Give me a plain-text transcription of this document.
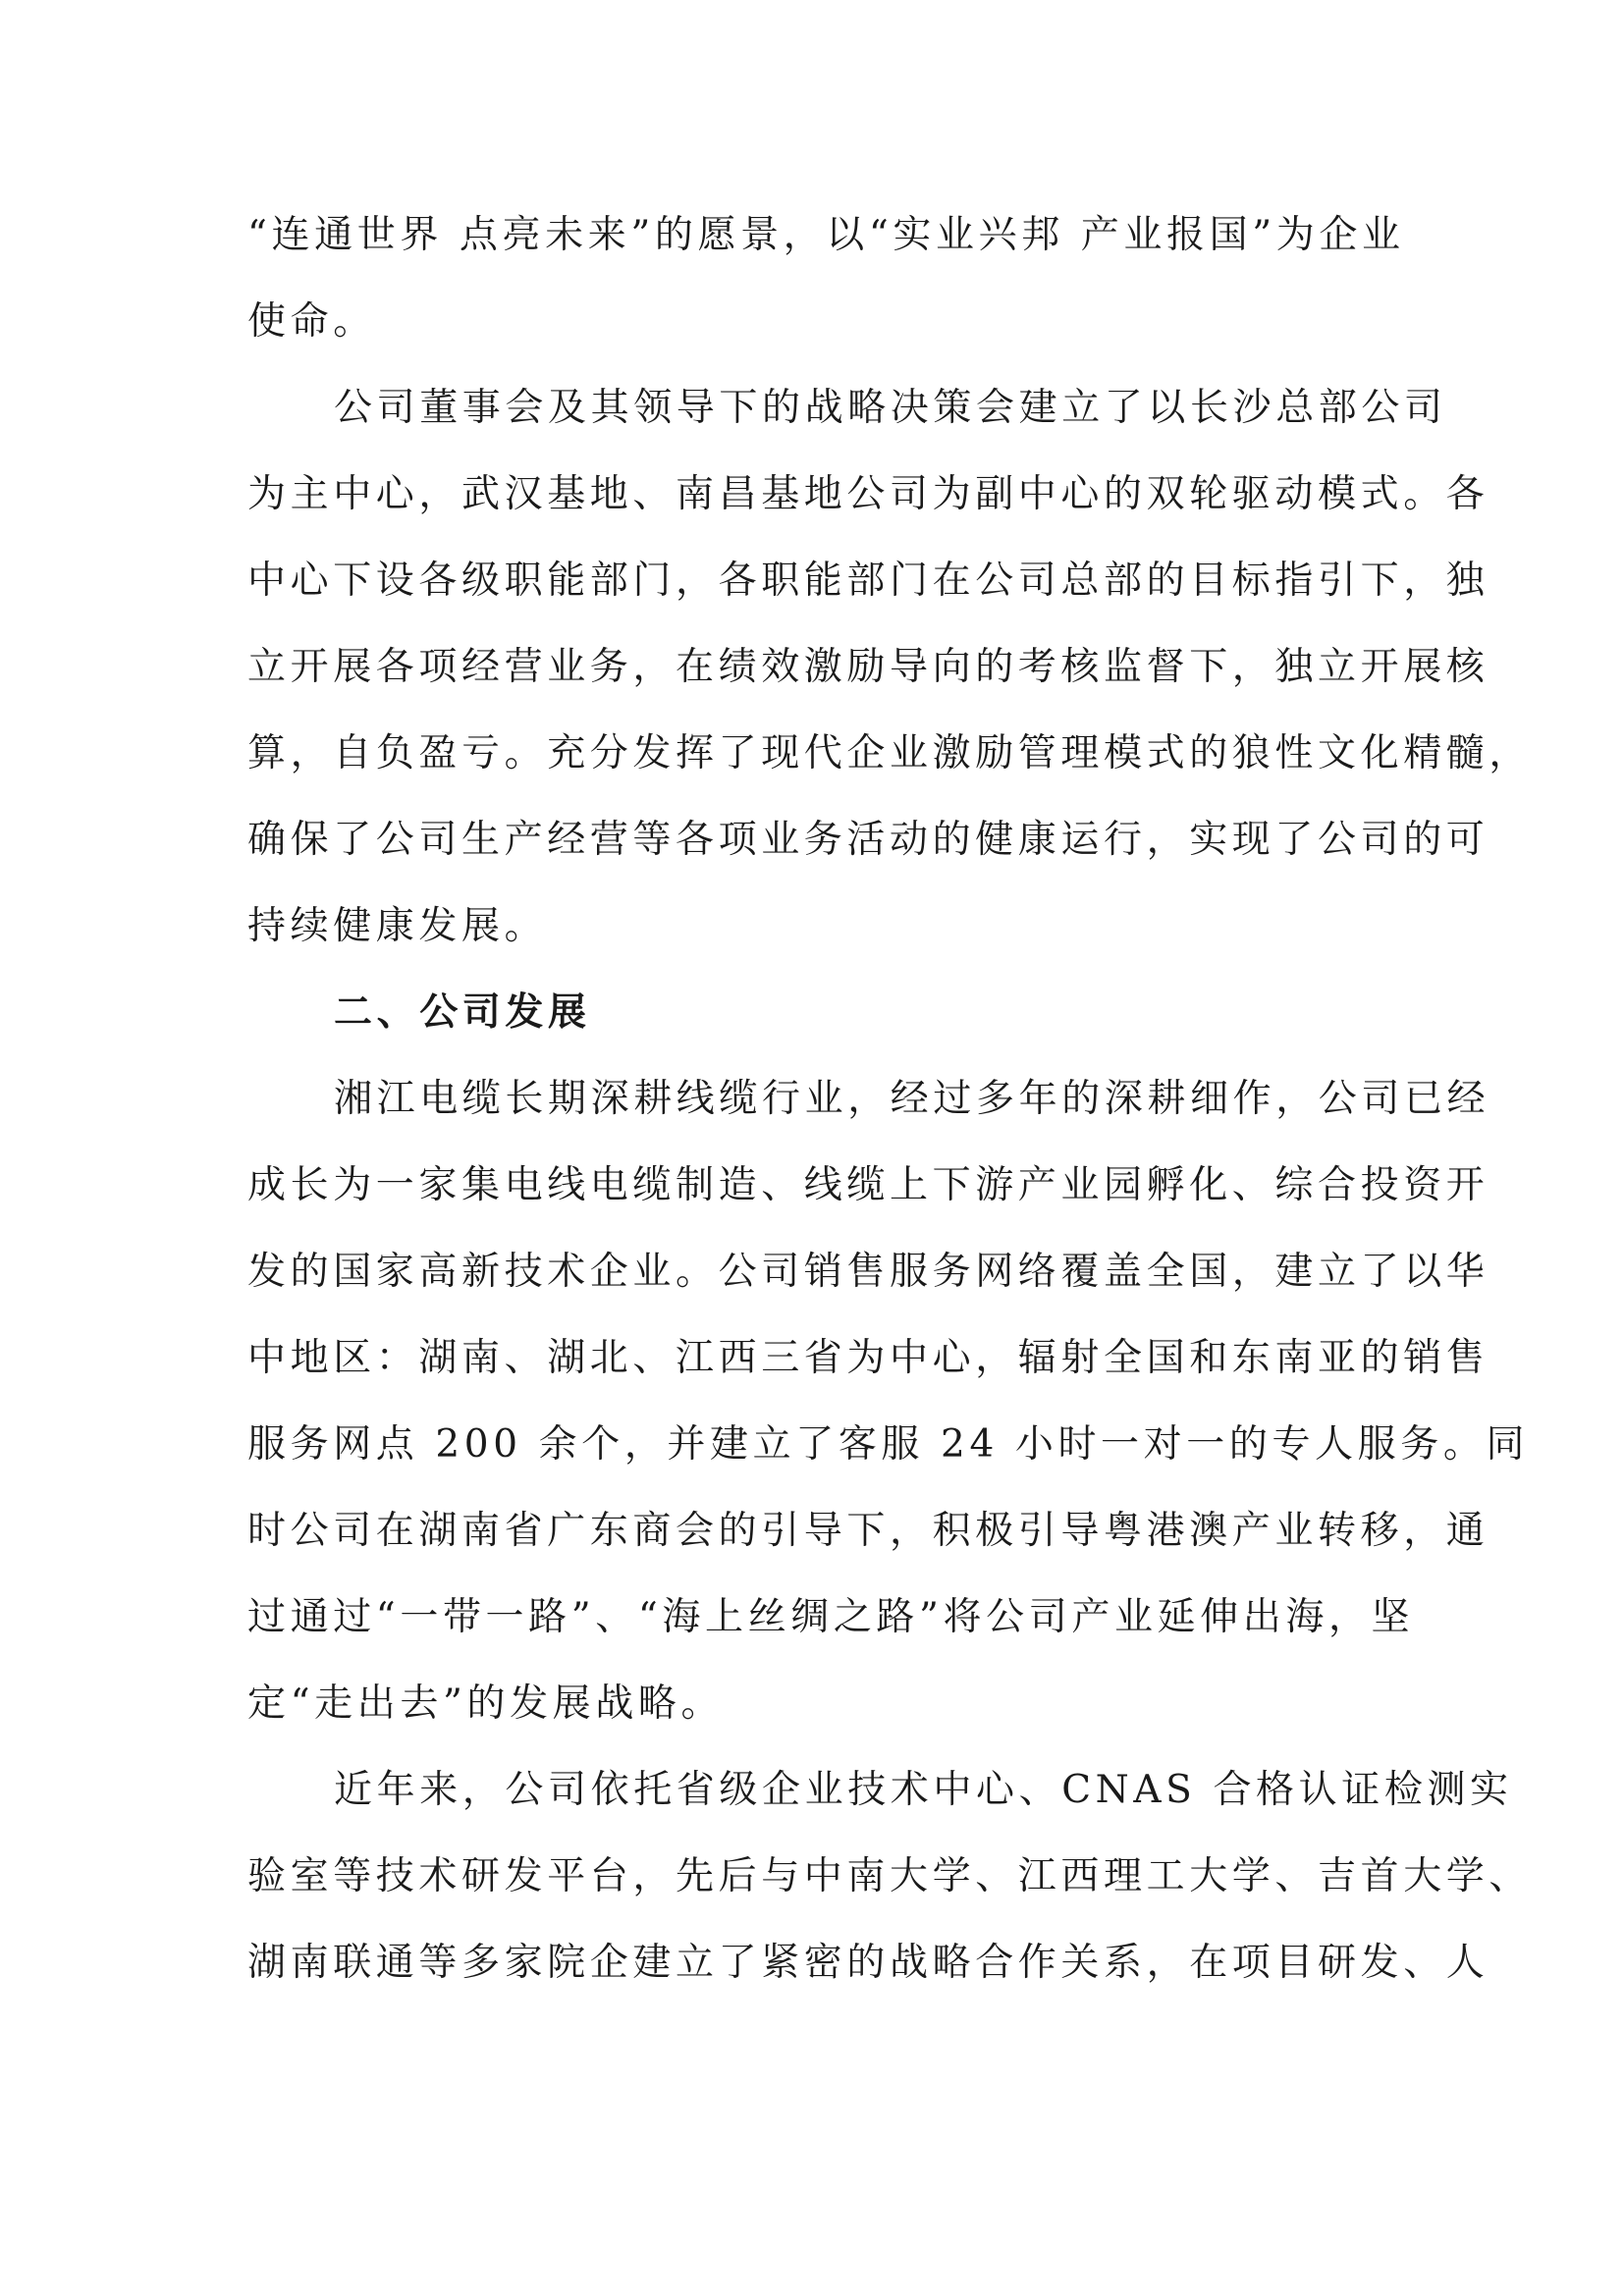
“连通世界 点亮未来”的愿景，以“实业兴邦 产业报国”为企业
使命。
公司董事会及其领导下的战略决策会建立了以长沙总部公司
为主中心，武汉基地、南昌基地公司为副中心的双轮驱动模式。各
中心下设各级职能部门，各职能部门在公司总部的目标指引下，独
立开展各项经营业务，在绩效激励导向的考核监督下，独立开展核
算，自负盈亏。充分发挥了现代企业激励管理模式的狼性文化精髓，
确保了公司生产经营等各项业务活动的健康运行，实现了公司的可
持续健康发展。
二、公司发展
湘江电缆长期深耕线缆行业，经过多年的深耕细作，公司已经
成长为一家集电线电缆制造、线缆上下游产业园孵化、综合投资开
发的国家高新技术企业。公司销售服务网络覆盖全国，建立了以华
中地区：湖南、湖北、江西三省为中心，辐射全国和东南亚的销售
服务网点 200 余个，并建立了客服 24 小时一对一的专人服务。同
时公司在湖南省广东商会的引导下，积极引导粤港澳产业转移，通
过通过“一带一路”、“海上丝绸之路”将公司产业延伸出海，坚
定“走出去”的发展战略。
近年来，公司依托省级企业技术中心、CNAS 合格认证检测实
验室等技术研发平台，先后与中南大学、江西理工大学、吉首大学、
湖南联通等多家院企建立了紧密的战略合作关系，在项目研发、人
